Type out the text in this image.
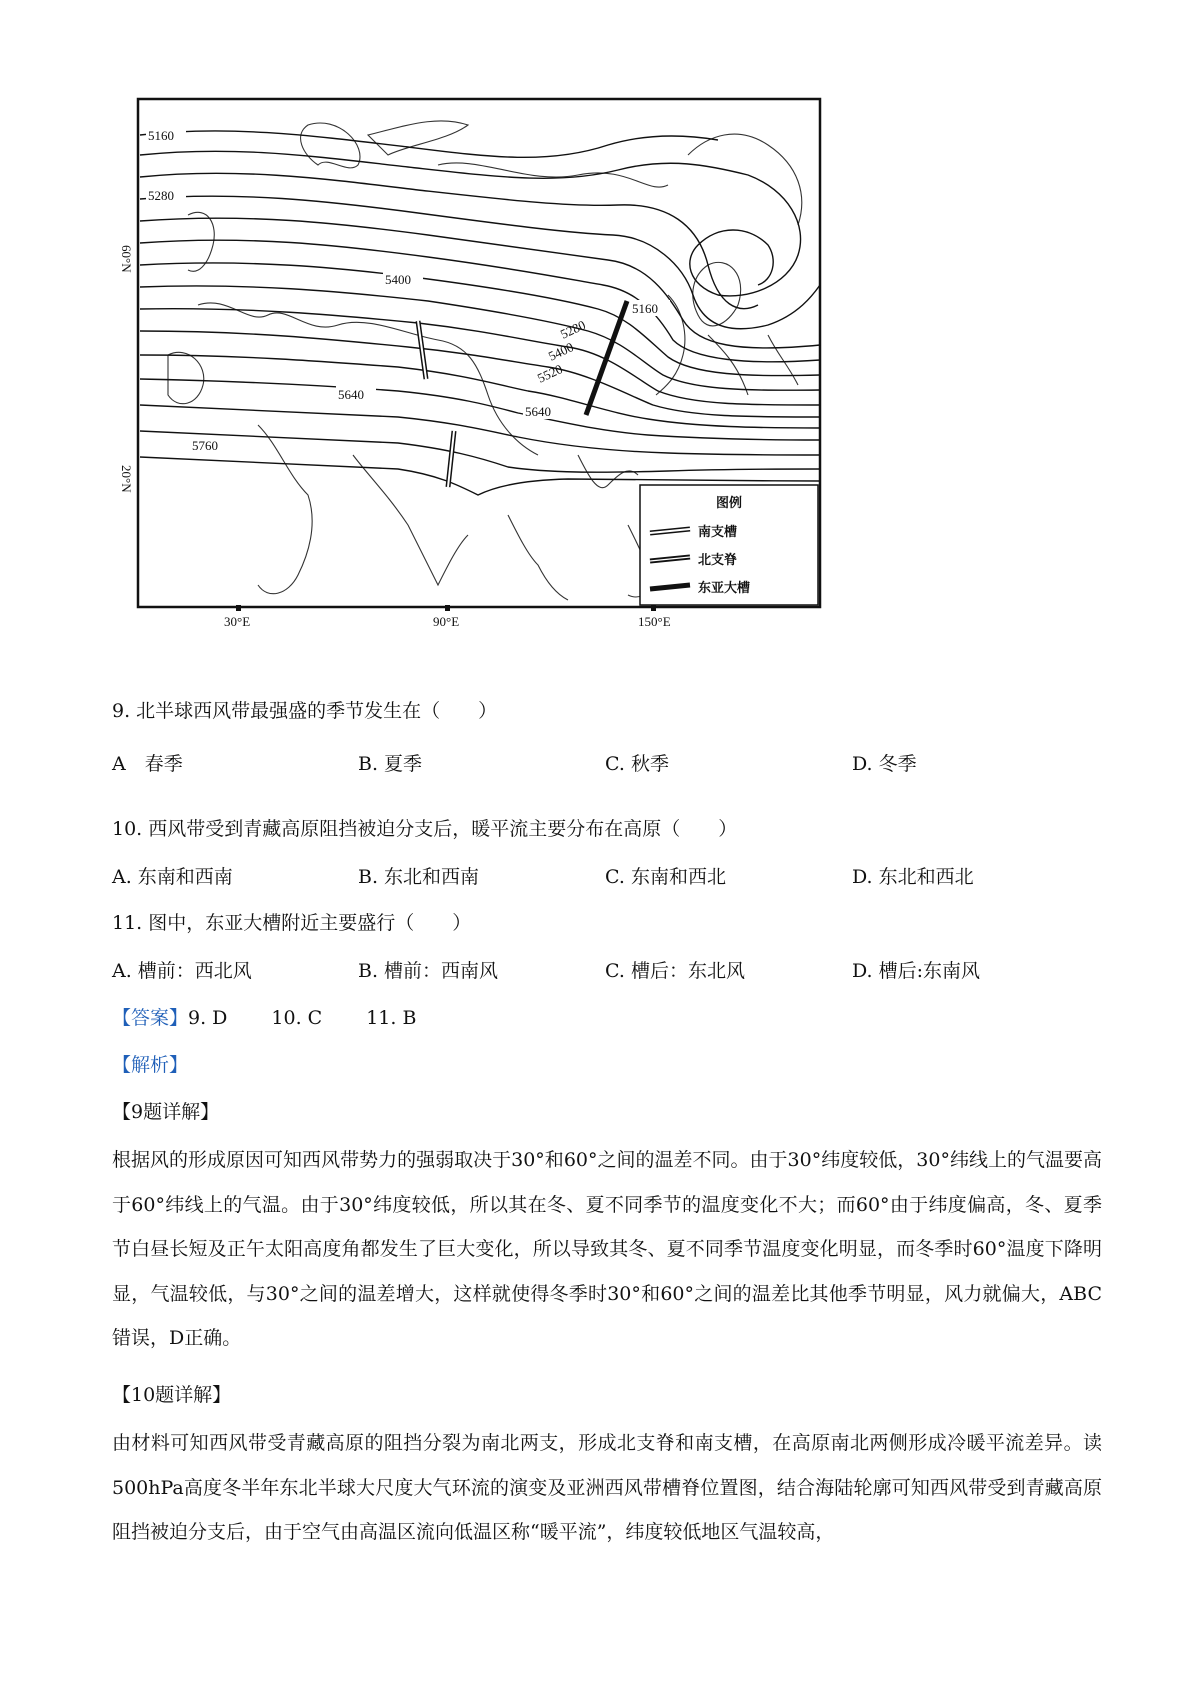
5160
5280
5400
5640
5760
5160
5280
5400
5520
5640
60°N
20°N
30°E	90°E	150°E
图例
南支槽
北支脊
东亚大槽
9. 北半球西风带最强盛的季节发生在（　　）
A　春季	B. 夏季	C. 秋季	D. 冬季
10. 西风带受到青藏高原阻挡被迫分支后，暖平流主要分布在高原（　　）
A. 东南和西南	B. 东北和西南	C. 东南和西北	D. 东北和西北
11. 图中，东亚大槽附近主要盛行（　　）
A. 槽前：西北风	B. 槽前：西南风	C. 槽后：东北风	D. 槽后:东南风
【答案】9. D 10. C 11. B
【解析】
【9题详解】
根据风的形成原因可知西风带势力的强弱取决于30°和60°之间的温差不同。由于30°纬度较低，30°纬线上的气温要高于60°纬线上的气温。由于30°纬度较低，所以其在冬、夏不同季节的温度变化不大；而60°由于纬度偏高，冬、夏季节白昼长短及正午太阳高度角都发生了巨大变化，所以导致其冬、夏不同季节温度变化明显，而冬季时60°温度下降明显，气温较低，与30°之间的温差增大，这样就使得冬季时30°和60°之间的温差比其他季节明显，风力就偏大，ABC错误，D正确。
【10题详解】
由材料可知西风带受青藏高原的阻挡分裂为南北两支，形成北支脊和南支槽，在高原南北两侧形成冷暖平流差异。读500hPa高度冬半年东北半球大尺度大气环流的演变及亚洲西风带槽脊位置图，结合海陆轮廓可知西风带受到青藏高原阻挡被迫分支后，由于空气由高温区流向低温区称“暖平流”，纬度较低地区气温较高，
